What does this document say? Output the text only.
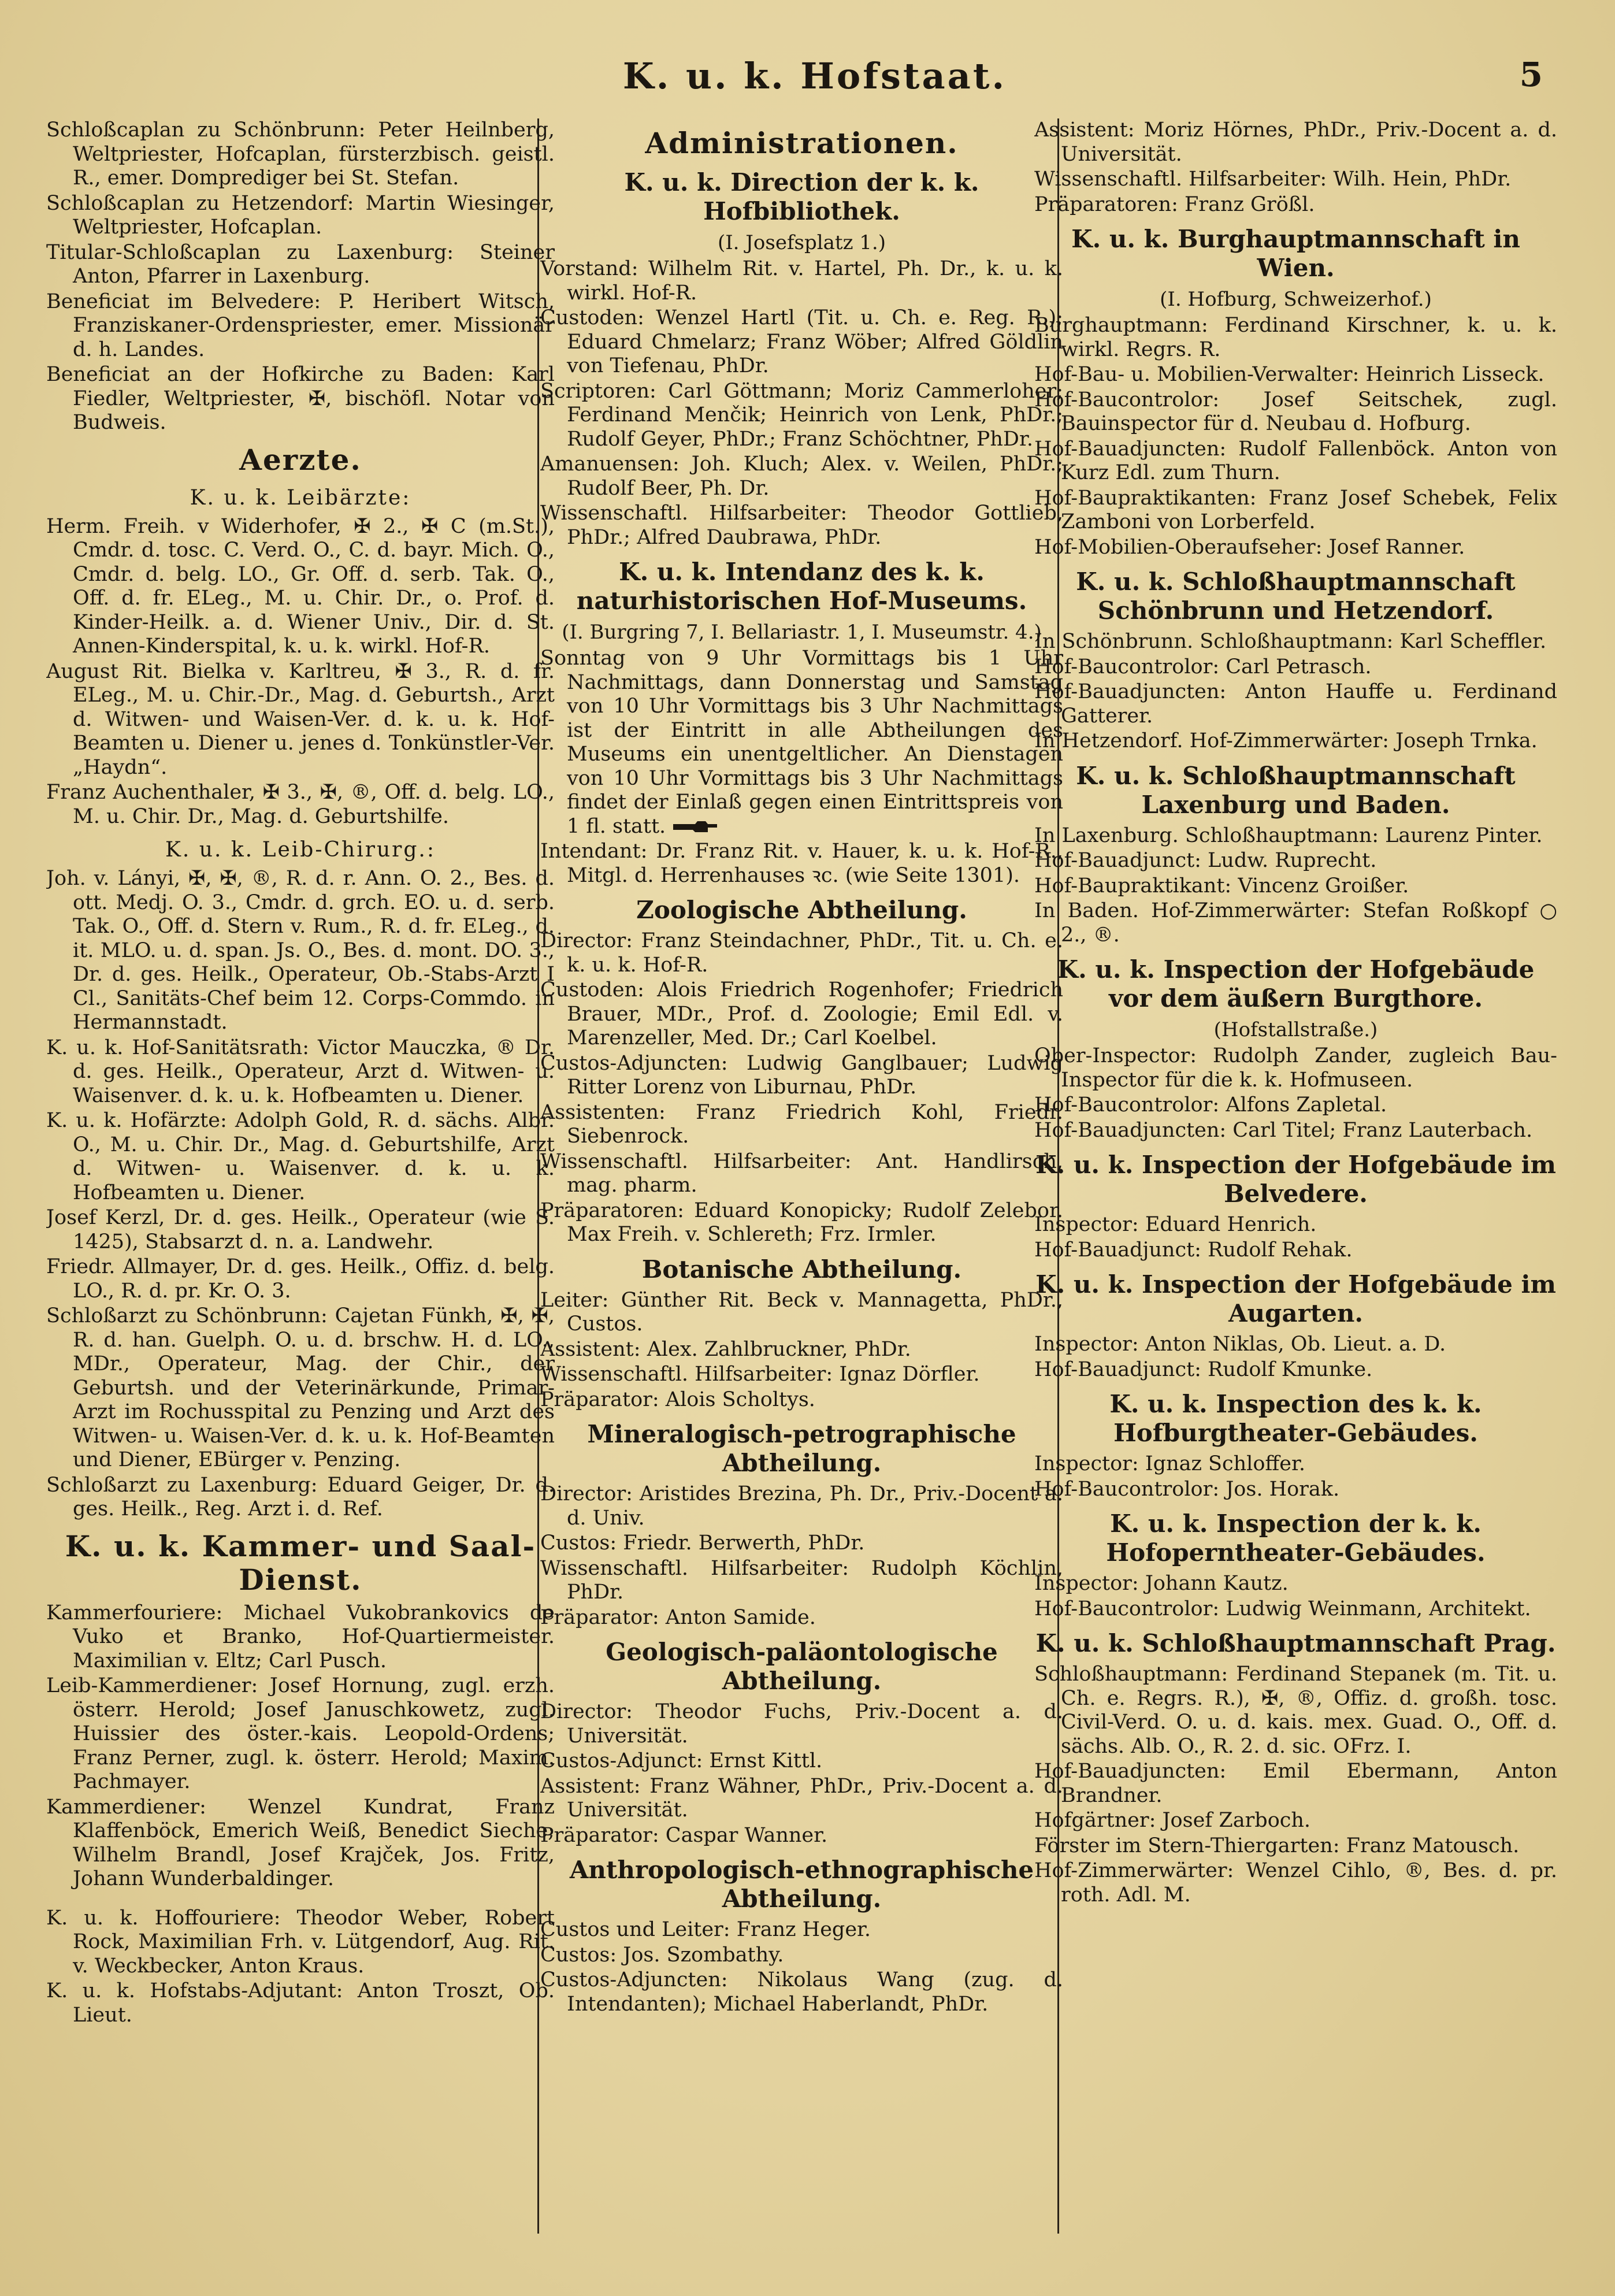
K. u. k. Hofstaat.	5

Schloßcaplan zu Schönbrunn: Peter Heilnberg, Weltpriester, Hofcaplan, fürsterzbisch. geistl. R., emer. Domprediger bei St. Stefan.

Schloßcaplan zu Hetzendorf: Martin Wiesinger, Weltpriester, Hofcaplan.

Titular-Schloßcaplan zu Laxenburg: Steiner Anton, Pfarrer in Laxenburg.

Beneficiat im Belvedere: P. Heribert Witsch, Franziskaner-Ordenspriester, emer. Missionär d. h. Landes.

Beneficiat an der Hofkirche zu Baden: Karl Fiedler, Weltpriester, ✠, bischöfl. Notar von Budweis.

Aerzte.
K. u. k. Leibärzte:

Herm. Freih. v Widerhofer, ✠ 2., ✠ C (m.St.), Cmdr. d. tosc. C. Verd. O., C. d. bayr. Mich. O., Cmdr. d. belg. LO., Gr. Off. d. serb. Tak. O., Off. d. fr. ELeg., M. u. Chir. Dr., o. Prof. d. Kinder-Heilk. a. d. Wiener Univ., Dir. d. St. Annen-Kinderspital, k. u. k. wirkl. Hof-R.

August Rit. Bielka v. Karltreu, ✠ 3., R. d. fr. ELeg., M. u. Chir.-Dr., Mag. d. Geburtsh., Arzt d. Witwen- und Waisen-Ver. d. k. u. k. Hof-Beamten u. Diener u. jenes d. Tonkünstler-Ver. „Haydn“.

Franz Auchenthaler, ✠ 3., ✠, ®, Off. d. belg. LO., M. u. Chir. Dr., Mag. d. Geburtshilfe.

K. u. k. Leib-Chirurg.:

Joh. v. Lányi, ✠, ✠, ®, R. d. r. Ann. O. 2., Bes. d. ott. Medj. O. 3., Cmdr. d. grch. EO. u. d. serb. Tak. O., Off. d. Stern v. Rum., R. d. fr. ELeg., d. it. MLO. u. d. span. Js. O., Bes. d. mont. DO. 3., Dr. d. ges. Heilk., Operateur, Ob.-Stabs-Arzt I Cl., Sanitäts-Chef beim 12. Corps-Commdo. in Hermannstadt.

K. u. k. Hof-Sanitätsrath: Victor Mauczka, ® Dr. d. ges. Heilk., Operateur, Arzt d. Witwen- u. Waisenver. d. k. u. k. Hofbeamten u. Diener.

K. u. k. Hofärzte: Adolph Gold, R. d. sächs. Albr. O., M. u. Chir. Dr., Mag. d. Geburtshilfe, Arzt d. Witwen- u. Waisenver. d. k. u. k. Hofbeamten u. Diener.

Josef Kerzl, Dr. d. ges. Heilk., Operateur (wie S. 1425), Stabsarzt d. n. a. Landwehr.

Friedr. Allmayer, Dr. d. ges. Heilk., Offiz. d. belg. LO., R. d. pr. Kr. O. 3.

Schloßarzt zu Schönbrunn: Cajetan Fünkh, ✠, ✠, R. d. han. Guelph. O. u. d. brschw. H. d. LO., MDr., Operateur, Mag. der Chir., der Geburtsh. und der Veterinärkunde, Primar-Arzt im Rochusspital zu Penzing und Arzt des Witwen- u. Waisen-Ver. d. k. u. k. Hof-Beamten und Diener, EBürger v. Penzing.

Schloßarzt zu Laxenburg: Eduard Geiger, Dr. d. ges. Heilk., Reg. Arzt i. d. Ref.

K. u. k. Kammer- und Saal-Dienst.

Kammerfouriere: Michael Vukobrankovics de Vuko et Branko, Hof-Quartiermeister. Maximilian v. Eltz; Carl Pusch.

Leib-Kammerdiener: Josef Hornung, zugl. erzh. österr. Herold; Josef Januschkowetz, zugl. Huissier des öster.-kais. Leopold-Ordens; Franz Perner, zugl. k. österr. Herold; Maxim. Pachmayer.

Kammerdiener: Wenzel Kundrat, Franz Klaffenböck, Emerich Weiß, Benedict Sieche; Wilhelm Brandl, Josef Krajček, Jos. Fritz, Johann Wunderbaldinger.

K. u. k. Hoffouriere: Theodor Weber, Robert Rock, Maximilian Frh. v. Lütgendorf, Aug. Rit. v. Weckbecker, Anton Kraus.

K. u. k. Hofstabs-Adjutant: Anton Troszt, Ob. Lieut.

Administrationen.
K. u. k. Direction der k. k. Hofbibliothek.
(I. Josefsplatz 1.)

Vorstand: Wilhelm Rit. v. Hartel, Ph. Dr., k. u. k. wirkl. Hof-R.

Custoden: Wenzel Hartl (Tit. u. Ch. e. Reg. R.); Eduard Chmelarz; Franz Wöber; Alfred Göldlin von Tiefenau, PhDr.

Scriptoren: Carl Göttmann; Moriz Cammerloher; Ferdinand Menčik; Heinrich von Lenk, PhDr.; Rudolf Geyer, PhDr.; Franz Schöchtner, PhDr.

Amanuensen: Joh. Kluch; Alex. v. Weilen, PhDr.; Rudolf Beer, Ph. Dr.

Wissenschaftl. Hilfsarbeiter: Theodor Gottlieb, PhDr.; Alfred Daubrawa, PhDr.

K. u. k. Intendanz des k. k. naturhistorischen Hof-Museums.
(I. Burgring 7, I. Bellariastr. 1, I. Museumstr. 4.)

Sonntag von 9 Uhr Vormittags bis 1 Uhr Nachmittags, dann Donnerstag und Samstag von 10 Uhr Vormittags bis 3 Uhr Nachmittags ist der Eintritt in alle Abtheilungen des Museums ein unentgeltlicher. An Dienstagen von 10 Uhr Vormittags bis 3 Uhr Nachmittags findet der Einlaß gegen einen Eintrittspreis von 1 fl. statt.

Intendant: Dr. Franz Rit. v. Hauer, k. u. k. Hof-R., Mitgl. d. Herrenhauses ꝛc. (wie Seite 1301).

Zoologische Abtheilung.

Director: Franz Steindachner, PhDr., Tit. u. Ch. e. k. u. k. Hof-R.

Custoden: Alois Friedrich Rogenhofer; Friedrich Brauer, MDr., Prof. d. Zoologie; Emil Edl. v. Marenzeller, Med. Dr.; Carl Koelbel.

Custos-Adjuncten: Ludwig Ganglbauer; Ludwig Ritter Lorenz von Liburnau, PhDr.

Assistenten: Franz Friedrich Kohl, Friedr. Siebenrock.

Wissenschaftl. Hilfsarbeiter: Ant. Handlirsch, mag. pharm.

Präparatoren: Eduard Konopicky; Rudolf Zelebor. Max Freih. v. Schlereth; Frz. Irmler.

Botanische Abtheilung.

Leiter: Günther Rit. Beck v. Mannagetta, PhDr., Custos.

Assistent: Alex. Zahlbruckner, PhDr.

Wissenschaftl. Hilfsarbeiter: Ignaz Dörfler.

Präparator: Alois Scholtys.

Mineralogisch-petrographische Abtheilung.

Director: Aristides Brezina, Ph. Dr., Priv.-Docent a. d. Univ.

Custos: Friedr. Berwerth, PhDr.

Wissenschaftl. Hilfsarbeiter: Rudolph Köchlin, PhDr.

Präparator: Anton Samide.

Geologisch-paläontologische Abtheilung.

Director: Theodor Fuchs, Priv.-Docent a. d. Universität.

Custos-Adjunct: Ernst Kittl.

Assistent: Franz Wähner, PhDr., Priv.-Docent a. d. Universität.

Präparator: Caspar Wanner.

Anthropologisch-ethnographische Abtheilung.

Custos und Leiter: Franz Heger.

Custos: Jos. Szombathy.

Custos-Adjuncten: Nikolaus Wang (zug. d. Intendanten); Michael Haberlandt, PhDr.

Assistent: Moriz Hörnes, PhDr., Priv.-Docent a. d. Universität.

Wissenschaftl. Hilfsarbeiter: Wilh. Hein, PhDr.

Präparatoren: Franz Größl.

K. u. k. Burghauptmannschaft in Wien.
(I. Hofburg, Schweizerhof.)

Burghauptmann: Ferdinand Kirschner, k. u. k. wirkl. Regrs. R.

Hof-Bau- u. Mobilien-Verwalter: Heinrich Lisseck.

Hof-Baucontrolor: Josef Seitschek, zugl. Bauinspector für d. Neubau d. Hofburg.

Hof-Bauadjuncten: Rudolf Fallenböck. Anton von Kurz Edl. zum Thurn.

Hof-Baupraktikanten: Franz Josef Schebek, Felix Zamboni von Lorberfeld.

Hof-Mobilien-Oberaufseher: Josef Ranner.

K. u. k. Schloßhauptmannschaft Schönbrunn und Hetzendorf.

In Schönbrunn. Schloßhauptmann: Karl Scheffler.

Hof-Baucontrolor: Carl Petrasch.

Hof-Bauadjuncten: Anton Hauffe u. Ferdinand Gatterer.

In Hetzendorf. Hof-Zimmerwärter: Joseph Trnka.

K. u. k. Schloßhauptmannschaft Laxenburg und Baden.

In Laxenburg. Schloßhauptmann: Laurenz Pinter.

Hof-Bauadjunct: Ludw. Ruprecht.

Hof-Baupraktikant: Vincenz Groißer.

In Baden. Hof-Zimmerwärter: Stefan Roßkopf ○ 2., ®.

K. u. k. Inspection der Hofgebäude vor dem äußern Burgthore.
(Hofstallstraße.)

Ober-Inspector: Rudolph Zander, zugleich Bau-Inspector für die k. k. Hofmuseen.

Hof-Baucontrolor: Alfons Zapletal.

Hof-Bauadjuncten: Carl Titel; Franz Lauterbach.

K. u. k. Inspection der Hofgebäude im Belvedere.

Inspector: Eduard Henrich.

Hof-Bauadjunct: Rudolf Rehak.

K. u. k. Inspection der Hofgebäude im Augarten.

Inspector: Anton Niklas, Ob. Lieut. a. D.

Hof-Bauadjunct: Rudolf Kmunke.

K. u. k. Inspection des k. k. Hofburgtheater-Gebäudes.

Inspector: Ignaz Schloffer.

Hof-Baucontrolor: Jos. Horak.

K. u. k. Inspection der k. k. Hofoperntheater-Gebäudes.

Inspector: Johann Kautz.

Hof-Baucontrolor: Ludwig Weinmann, Architekt.

K. u. k. Schloßhauptmannschaft Prag.

Schloßhauptmann: Ferdinand Stepanek (m. Tit. u. Ch. e. Regrs. R.), ✠, ®, Offiz. d. großh. tosc. Civil-Verd. O. u. d. kais. mex. Guad. O., Off. d. sächs. Alb. O., R. 2. d. sic. OFrz. I.

Hof-Bauadjuncten: Emil Ebermann, Anton Brandner.

Hofgärtner: Josef Zarboch.

Förster im Stern-Thiergarten: Franz Matousch.

Hof-Zimmerwärter: Wenzel Cihlo, ®, Bes. d. pr. roth. Adl. M.
